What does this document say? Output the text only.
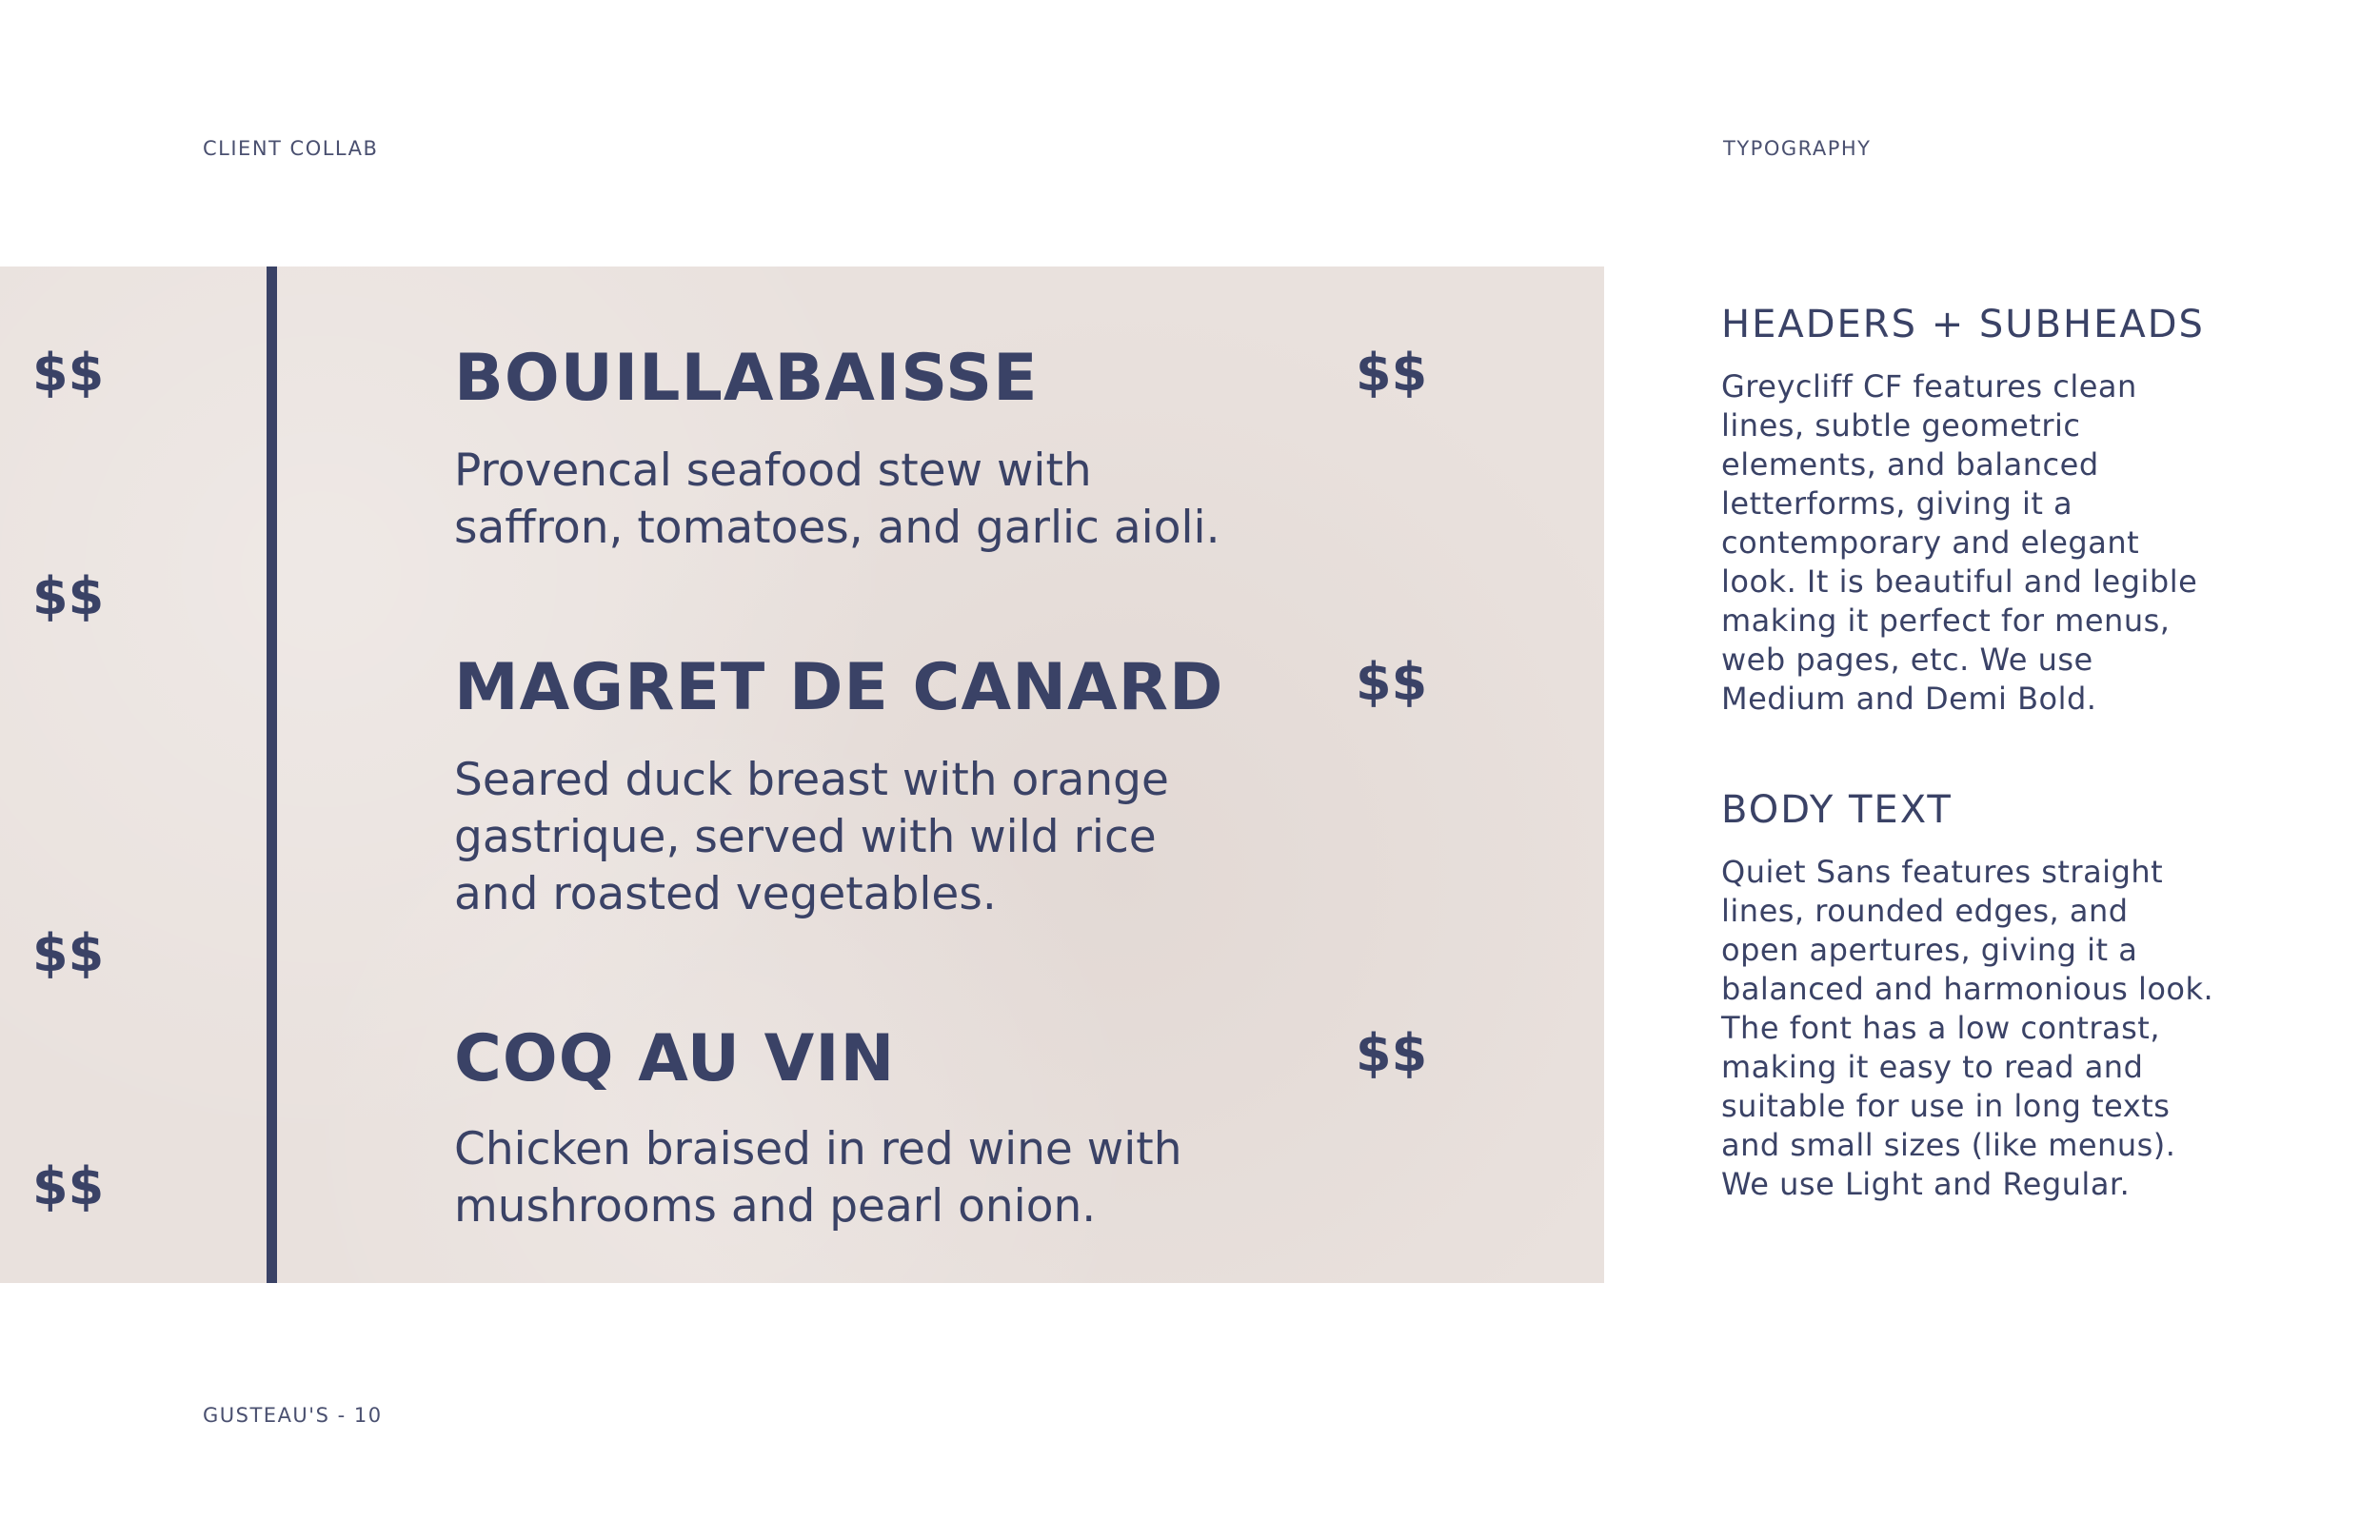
CLIENT COLLAB	TYPOGRAPHY
$$
$$
$$
$$
BOUILLABAISSE
Provencal seafood stew with saffron, tomatoes, and garlic aioli.
$$
MAGRET DE CANARD
Seared duck breast with orange gastrique, served with wild rice and roasted vegetables.
$$
COQ AU VIN
Chicken braised in red wine with mushrooms and pearl onion.
$$
HEADERS + SUBHEADS

Greycliff CF features clean lines, subtle geometric elements, and balanced letterforms, giving it a contemporary and elegant look. It is beautiful and legible making it perfect for menus, web pages, etc. We use Medium and Demi Bold.

BODY TEXT

Quiet Sans features straight lines, rounded edges, and open apertures, giving it a balanced and harmonious look. The font has a low contrast, making it easy to read and suitable for use in long texts and small sizes (like menus). We use Light and Regular.

GUSTEAU'S - 10
